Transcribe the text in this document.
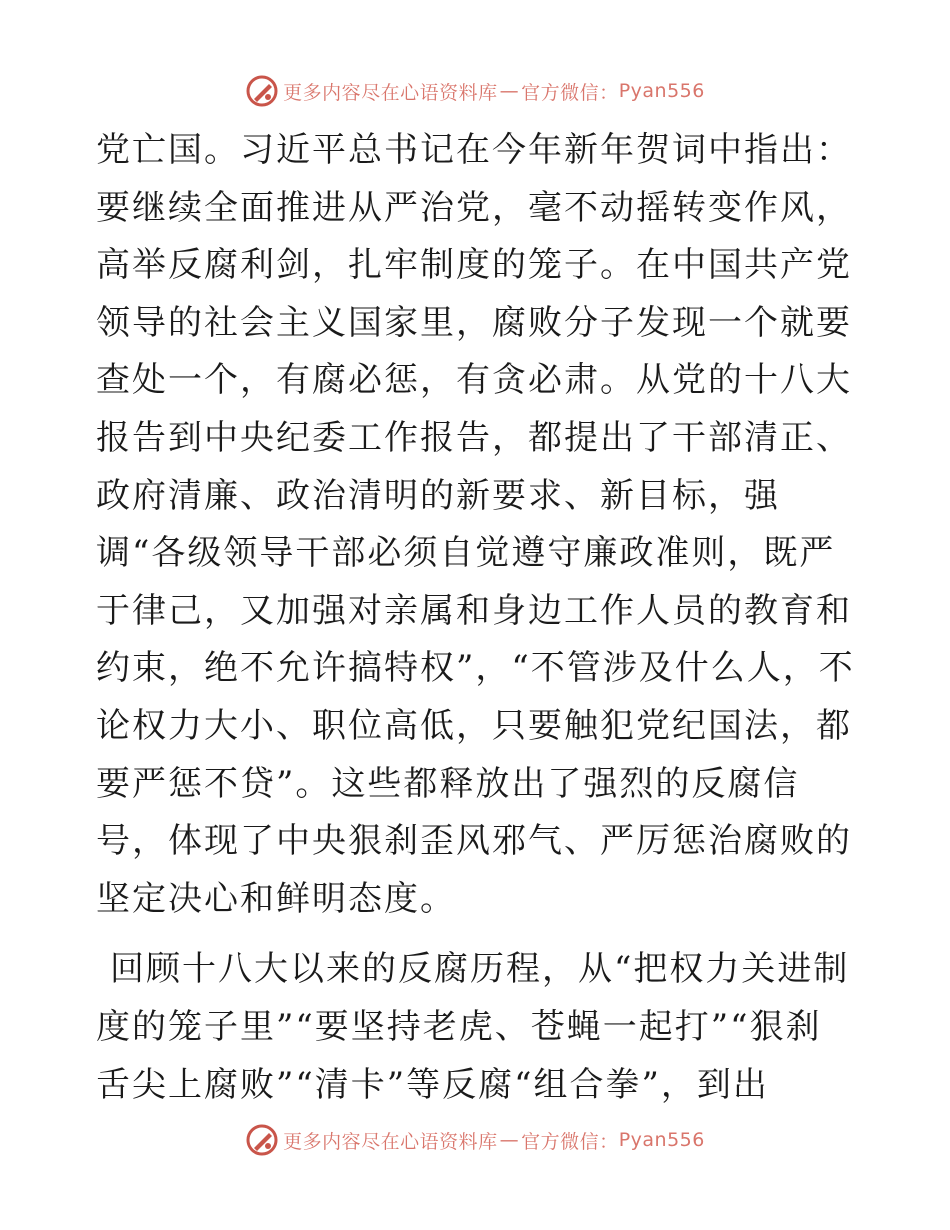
更多内容尽在心语资料库 — 官方微信： Pyan556

党亡国。习近平总书记在今年新年贺词中指出：要继续全面推进从严治党，毫不动摇转变作风，高举反腐利剑，扎牢制度的笼子。在中国共产党领导的社会主义国家里，腐败分子发现一个就要查处一个，有腐必惩，有贪必肃。从党的十八大报告到中央纪委工作报告，都提出了干部清正、政府清廉、政治清明的新要求、新目标，强调“各级领导干部必须自觉遵守廉政准则，既严于律己，又加强对亲属和身边工作人员的教育和约束，绝不允许搞特权”，“不管涉及什么人，不论权力大小、职位高低，只要触犯党纪国法，都要严惩不贷”。这些都释放出了强烈的反腐信号，体现了中央狠刹歪风邪气、严厉惩治腐败的坚定决心和鲜明态度。

回顾十八大以来的反腐历程，从“把权力关进制度的笼子里”“要坚持老虎、苍蝇一起打”“狠刹舌尖上腐败”“清卡”等反腐“组合拳”，到出

更多内容尽在心语资料库 — 官方微信： Pyan556
